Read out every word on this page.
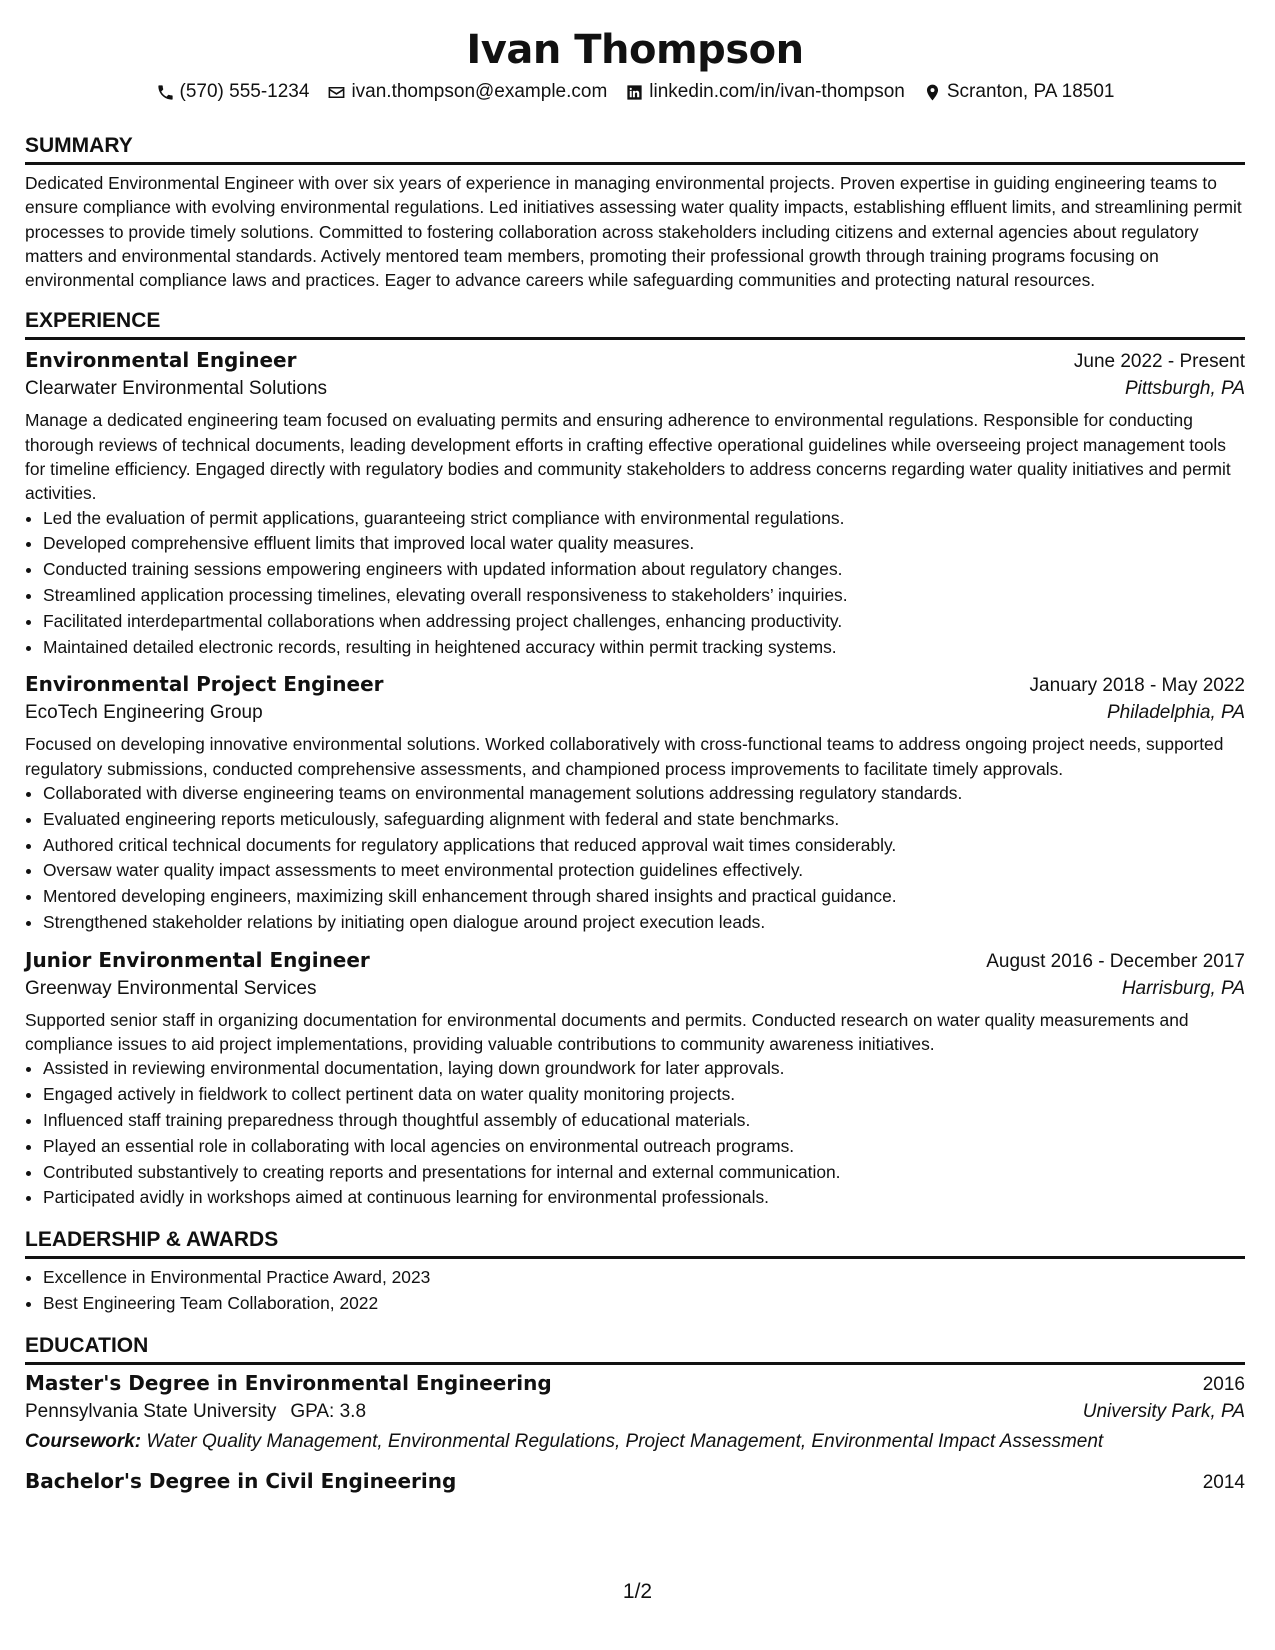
Ivan Thompson
(570) 555-1234 ivan.thompson@example.com linkedin.com/in/ivan-thompson Scranton, PA 18501
SUMMARY
Dedicated Environmental Engineer with over six years of experience in managing environmental projects. Proven expertise in guiding engineering teams to ensure compliance with evolving environmental regulations. Led initiatives assessing water quality impacts, establishing effluent limits, and streamlining permit processes to provide timely solutions. Committed to fostering collaboration across stakeholders including citizens and external agencies about regulatory matters and environmental standards. Actively mentored team members, promoting their professional growth through training programs focusing on environmental compliance laws and practices. Eager to advance careers while safeguarding communities and protecting natural resources.
EXPERIENCE
Environmental Engineer	June 2022 - Present
Clearwater Environmental Solutions	Pittsburgh, PA
Manage a dedicated engineering team focused on evaluating permits and ensuring adherence to environmental regulations. Responsible for conducting thorough reviews of technical documents, leading development efforts in crafting effective operational guidelines while overseeing project management tools for timeline efficiency. Engaged directly with regulatory bodies and community stakeholders to address concerns regarding water quality initiatives and permit activities.
• Led the evaluation of permit applications, guaranteeing strict compliance with environmental regulations.
• Developed comprehensive effluent limits that improved local water quality measures.
• Conducted training sessions empowering engineers with updated information about regulatory changes.
• Streamlined application processing timelines, elevating overall responsiveness to stakeholders’ inquiries.
• Facilitated interdepartmental collaborations when addressing project challenges, enhancing productivity.
• Maintained detailed electronic records, resulting in heightened accuracy within permit tracking systems.
Environmental Project Engineer	January 2018 - May 2022
EcoTech Engineering Group	Philadelphia, PA
Focused on developing innovative environmental solutions. Worked collaboratively with cross-functional teams to address ongoing project needs, supported regulatory submissions, conducted comprehensive assessments, and championed process improvements to facilitate timely approvals.
• Collaborated with diverse engineering teams on environmental management solutions addressing regulatory standards.
• Evaluated engineering reports meticulously, safeguarding alignment with federal and state benchmarks.
• Authored critical technical documents for regulatory applications that reduced approval wait times considerably.
• Oversaw water quality impact assessments to meet environmental protection guidelines effectively.
• Mentored developing engineers, maximizing skill enhancement through shared insights and practical guidance.
• Strengthened stakeholder relations by initiating open dialogue around project execution leads.
Junior Environmental Engineer	August 2016 - December 2017
Greenway Environmental Services	Harrisburg, PA
Supported senior staff in organizing documentation for environmental documents and permits. Conducted research on water quality measurements and compliance issues to aid project implementations, providing valuable contributions to community awareness initiatives.
• Assisted in reviewing environmental documentation, laying down groundwork for later approvals.
• Engaged actively in fieldwork to collect pertinent data on water quality monitoring projects.
• Influenced staff training preparedness through thoughtful assembly of educational materials.
• Played an essential role in collaborating with local agencies on environmental outreach programs.
• Contributed substantively to creating reports and presentations for internal and external communication.
• Participated avidly in workshops aimed at continuous learning for environmental professionals.
LEADERSHIP & AWARDS
• Excellence in Environmental Practice Award, 2023
• Best Engineering Team Collaboration, 2022
EDUCATION
Master's Degree in Environmental Engineering	2016
Pennsylvania State University GPA: 3.8	University Park, PA
Coursework: Water Quality Management, Environmental Regulations, Project Management, Environmental Impact Assessment
Bachelor's Degree in Civil Engineering	2014
1/2
